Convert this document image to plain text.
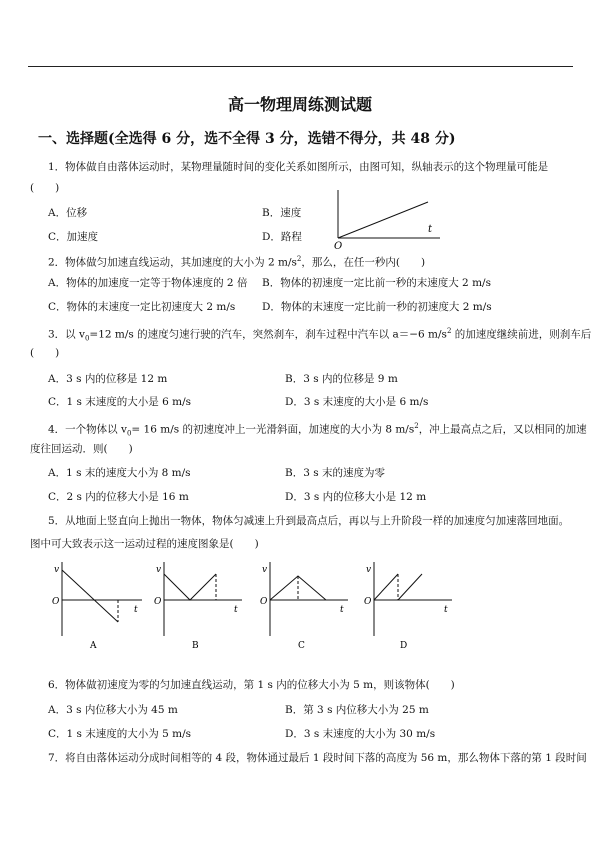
高一物理周练测试题
一、选择题(全选得 6 分，选不全得 3 分，选错不得分，共 48 分)
1．物体做自由落体运动时，某物理量随时间的变化关系如图所示，由图可知，纵轴表示的这个物理量可能是
(　　)
A．位移	B．速度
C．加速度	D．路程
O
t
2．物体做匀加速直线运动，其加速度的大小为 2 $m/s^2$，那么，在任一秒内(　　)
A．物体的加速度一定等于物体速度的 2 倍 B．物体的初速度一定比前一秒的末速度大 2 m/s
C．物体的末速度一定比初速度大 2 m/s	D．物体的末速度一定比前一秒的初速度大 2 m/s
3．以 $v_0=12$ m/s 的速度匀速行驶的汽车，突然刹车，刹车过程中汽车以 a＝−6 $m/s^2$ 的加速度继续前进，则刹车后
(　　)
A．3 s 内的位移是 12 m	B．3 s 内的位移是 9 m
C．1 s 末速度的大小是 6 m/s	D．3 s 末速度的大小是 6 m/s
4．一个物体以 $v_0= 16$ m/s 的初速度冲上一光滑斜面，加速度的大小为 8 $m/s^2$，冲上最高点之后，又以相同的加速
度往回运动．则(　　)
A．1 s 末的速度大小为 8 m/s	B．3 s 末的速度为零
C．2 s 内的位移大小是 16 m	D．3 s 内的位移大小是 12 m
5．从地面上竖直向上抛出一物体，物体匀减速上升到最高点后，再以与上升阶段一样的加速度匀加速落回地面。
图中可大致表示这一运动过程的速度图象是(　　)
v
O
t
A
v
O
t
B
v
O
t
C
v
O
t
D
6．物体做初速度为零的匀加速直线运动，第 1 s 内的位移大小为 5 m，则该物体(　　)
A．3 s 内位移大小为 45 m	B．第 3 s 内位移大小为 25 m
C．1 s 末速度的大小为 5 m/s	D．3 s 末速度的大小为 30 m/s
7．将自由落体运动分成时间相等的 4 段，物体通过最后 1 段时间下落的高度为 56 m，那么物体下落的第 1 段时间
